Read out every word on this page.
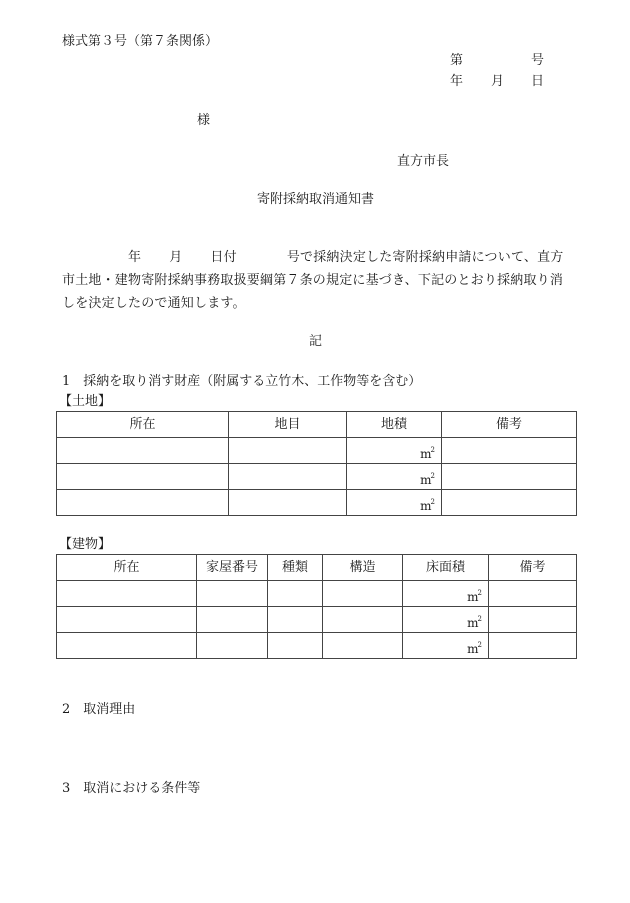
様式第３号（第７条関係）
第	号
年 月 日
様
直方市長
寄附採納取消通知書
年 月 日付	号で採納決定した寄附採納申請について、直方
市土地・建物寄附採納事務取扱要綱第７条の規定に基づき、下記のとおり採納取り消
しを決定したので通知します。
記
1　採納を取り消す財産（附属する立竹木、工作物等を含む）
【土地】
所在	地目	地積	備考

		$m^2$

		$m^2$

		$m^2$

【建物】
所在	家屋番号	種類	構造	床面積	備考

				$m^2$

				$m^2$

				$m^2$

2　取消理由
3　取消における条件等
